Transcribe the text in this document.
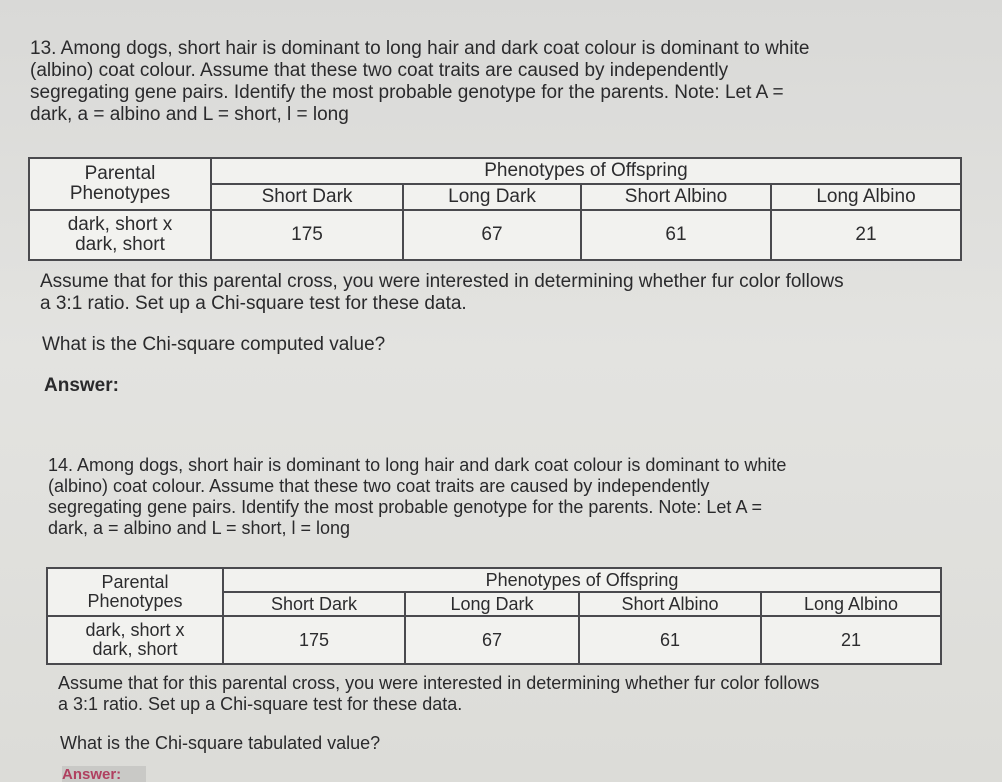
13. Among dogs, short hair is dominant to long hair and dark coat colour is dominant to white

(albino) coat colour. Assume that these two coat traits are caused by independently

segregating gene pairs. Identify the most probable genotype for the parents. Note: Let A =

dark, a = albino and L = short, l = long

Parental
Phenotypes	Phenotypes of Offspring			
	Short Dark	Long Dark	Short Albino	Long Albino

dark, short x
dark, short	175	67	61	21
Assume that for this parental cross, you were interested in determining whether fur color follows
a 3:1 ratio. Set up a Chi-square test for these data.
What is the Chi-square computed value?
Answer:

14. Among dogs, short hair is dominant to long hair and dark coat colour is dominant to white

(albino) coat colour. Assume that these two coat traits are caused by independently

segregating gene pairs. Identify the most probable genotype for the parents. Note: Let A =

dark, a = albino and L = short, l = long

Parental
Phenotypes	Phenotypes of Offspring			
	Short Dark	Long Dark	Short Albino	Long Albino

dark, short x
dark, short	175	67	61	21
Assume that for this parental cross, you were interested in determining whether fur color follows
a 3:1 ratio. Set up a Chi-square test for these data.
What is the Chi-square tabulated value?
Answer:
